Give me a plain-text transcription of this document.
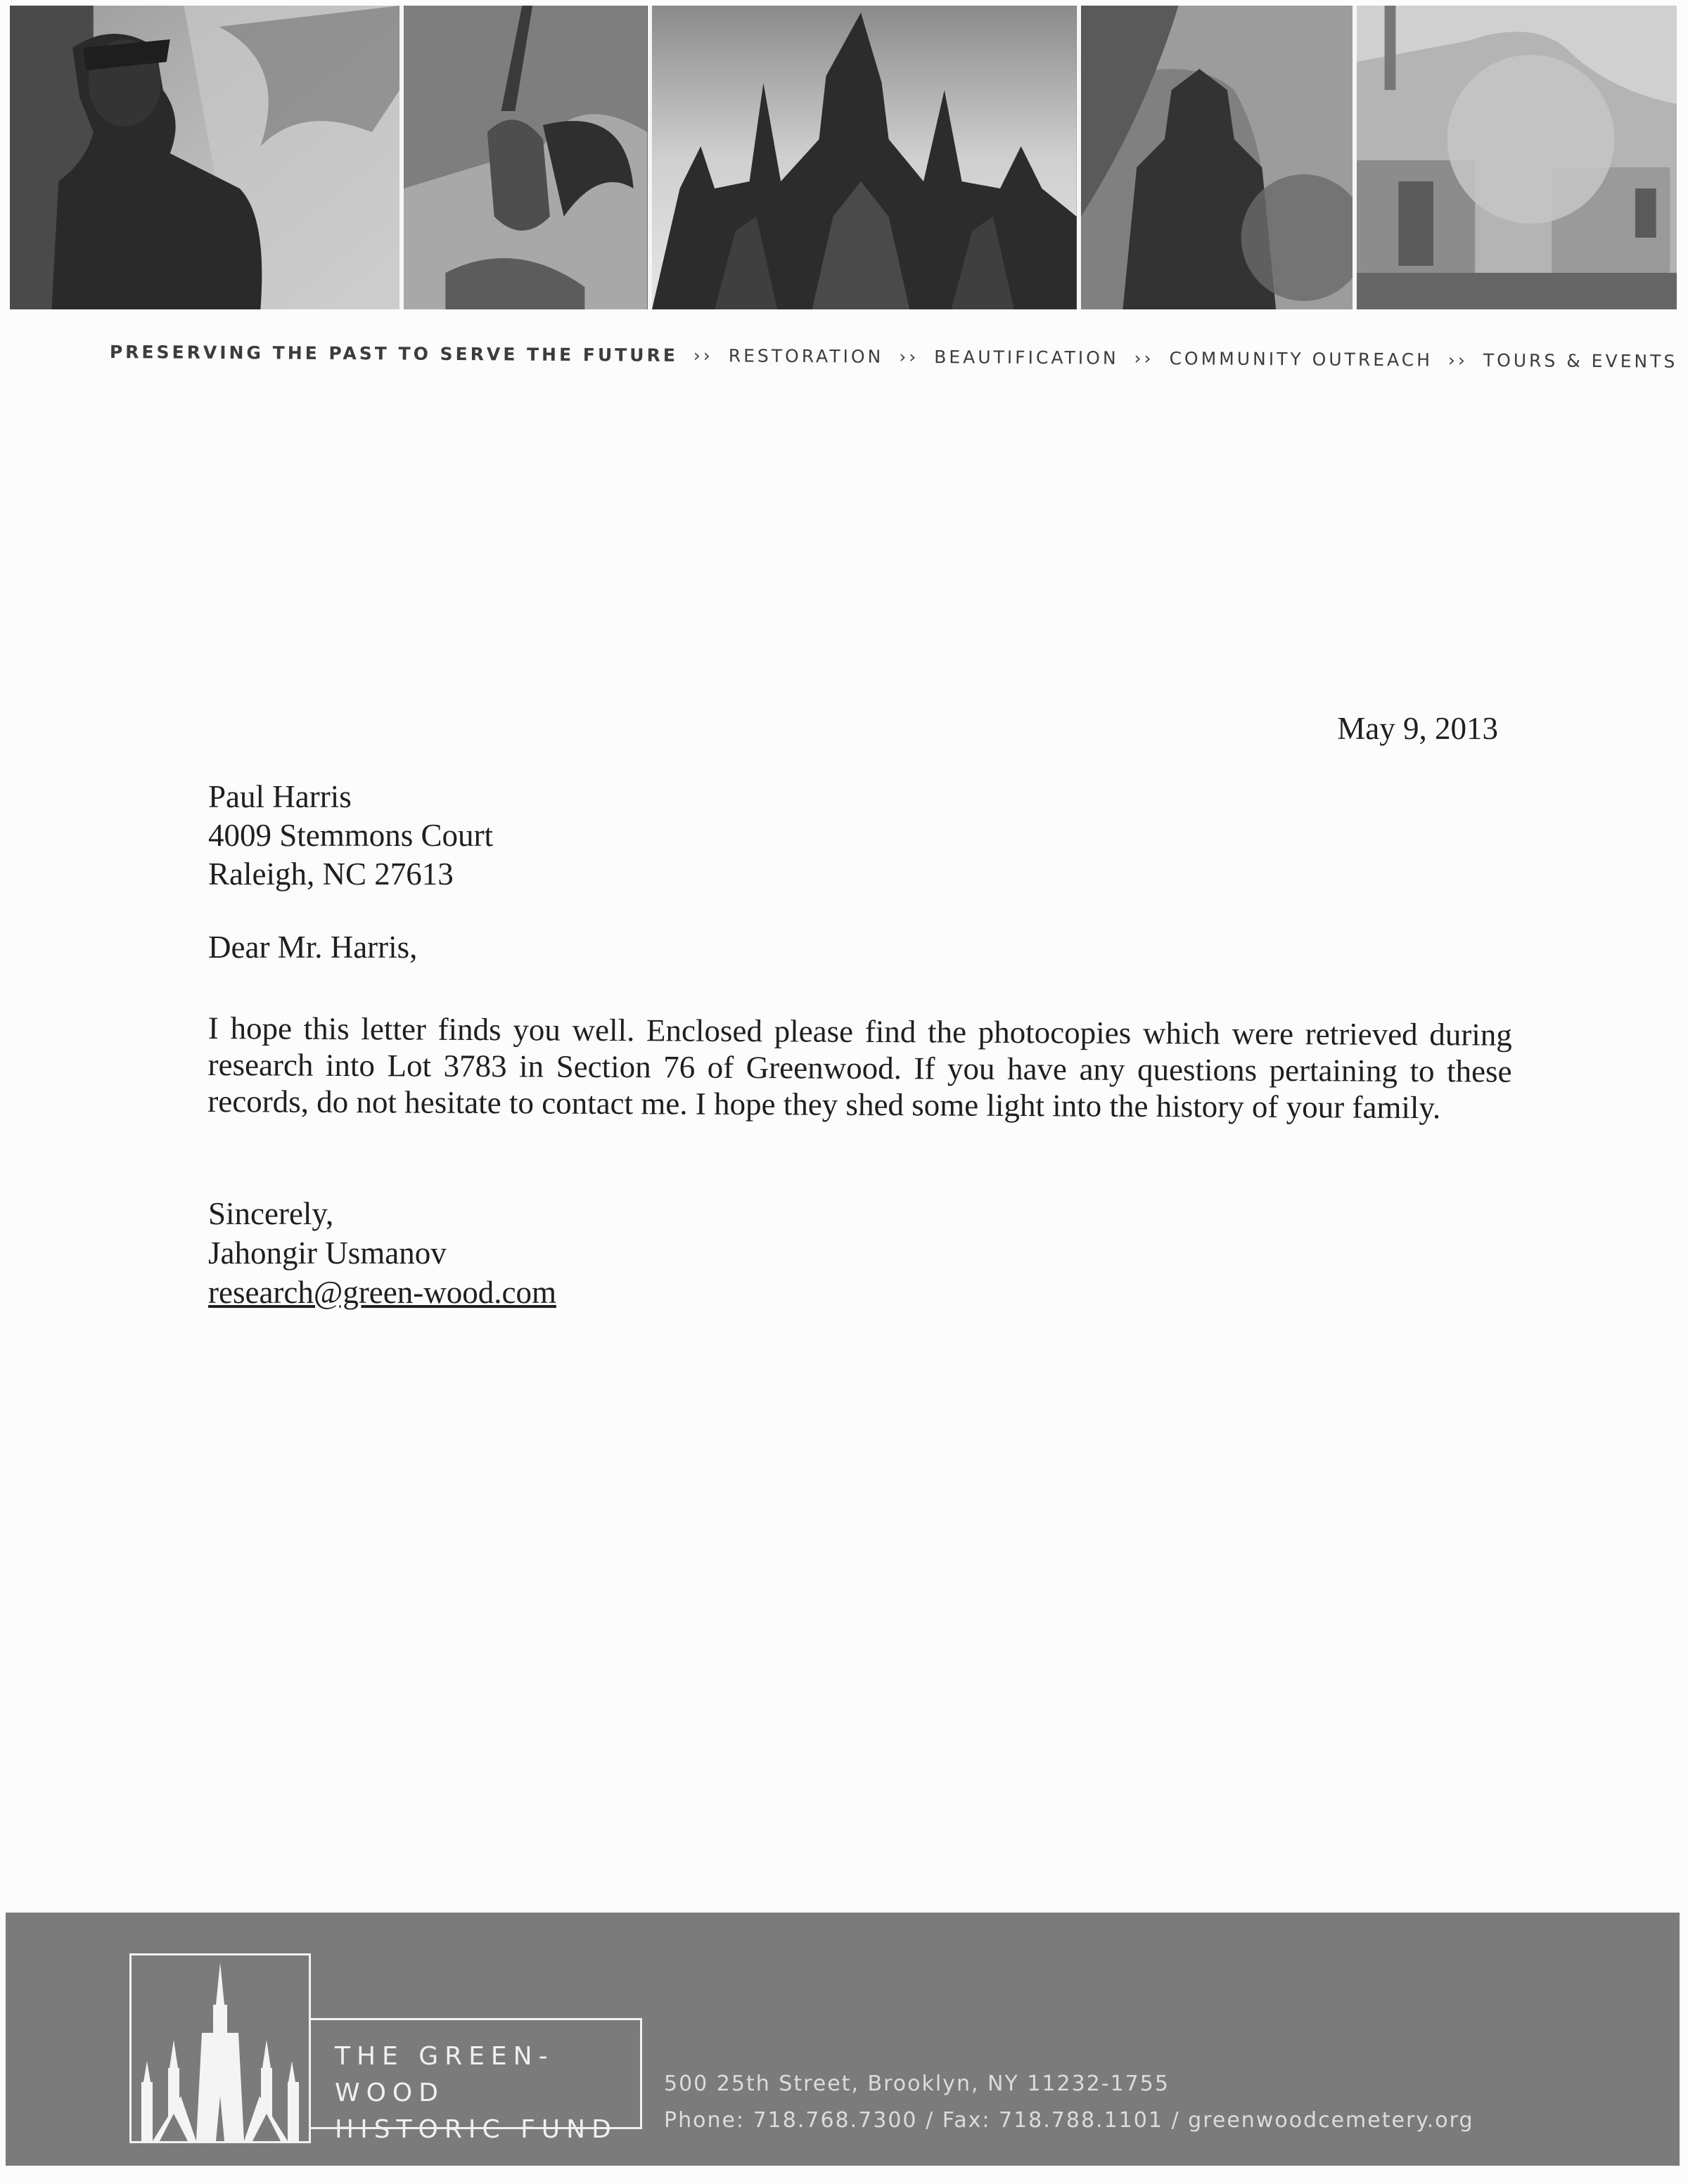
PRESERVING THE PAST TO SERVE THE FUTURE ›› RESTORATION ›› BEAUTIFICATION ›› COMMUNITY OUTREACH ›› TOURS & EVENTS
May 9, 2013
Paul Harris
4009 Stemmons Court
Raleigh, NC 27613
Dear Mr. Harris,
I hope this letter finds you well. Enclosed please find the photocopies which were retrieved during research into Lot 3783 in Section 76 of Greenwood. If you have any questions pertaining to these records, do not hesitate to contact me. I hope they shed some light into the history of your family.
Sincerely,
Jahongir Usmanov
research@green-wood.com
THE GREEN-WOOD
HISTORIC FUND
500 25th Street, Brooklyn, NY 11232-1755
Phone: 718.768.7300 / Fax: 718.788.1101 / greenwoodcemetery.org
